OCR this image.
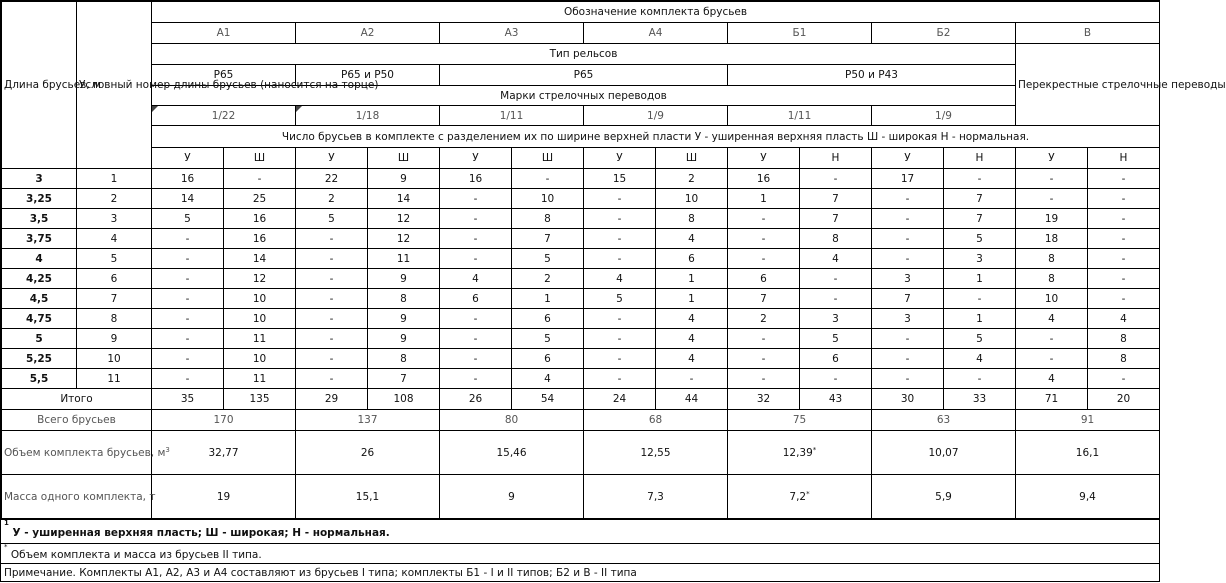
Длина брусьев, м	Условный номер длины брусьев (наносится на торце)	Обозначение комплекта брусьев													
		А1		А2		А3		А4		Б1		Б2		В	
		Тип рельсов												Перекрестные стрелочные переводы	
		Р65		Р65 и Р50		Р65				Р50 и Р43					
		Марки стрелочных переводов													
		1/22		1/18		1/11		1/9		1/11		1/9			
		Число брусьев в комплекте с разделением их по ширине верхней пласти У - уширенная верхняя пласть Ш - широкая Н - нормальная.													
		У	Ш	У	Ш	У	Ш	У	Ш	У	Н	У	Н	У	Н
3	1	16	-	22	9	16	-	15	2	16	-	17	-	-	-
3,25	2	14	25	2	14	-	10	-	10	1	7	-	7	-	-
3,5	3	5	16	5	12	-	8	-	8	-	7	-	7	19	-
3,75	4	-	16	-	12	-	7	-	4	-	8	-	5	18	-
4	5	-	14	-	11	-	5	-	6	-	4	-	3	8	-
4,25	6	-	12	-	9	4	2	4	1	6	-	3	1	8	-
4,5	7	-	10	-	8	6	1	5	1	7	-	7	-	10	-
4,75	8	-	10	-	9	-	6	-	4	2	3	3	1	4	4
5	9	-	11	-	9	-	5	-	4	-	5	-	5	-	8
5,25	10	-	10	-	8	-	6	-	4	-	6	-	4	-	8
5,5	11	-	11	-	7	-	4	-	-	-	-	-	-	4	-
Итого		35	135	29	108	26	54	24	44	32	43	30	33	71	20
Всего брусьев		170		137		80		68		75		63		91	
Объем комплекта брусьев, $м^3$		32,77		26		15,46		12,55		12,39*		10,07		16,1	
Масса одного комплекта, т		19		15,1		9		7,3		7,2*		5,9		9,4	
$^1$ У - уширенная верхняя пласть; Ш - широкая; Н - нормальная.
* Объем комплекта и масса из брусьев II типа.
Примечание. Комплекты А1, А2, А3 и А4 составляют из брусьев I типа; комплекты Б1 - I и II типов; Б2 и В - II типа
